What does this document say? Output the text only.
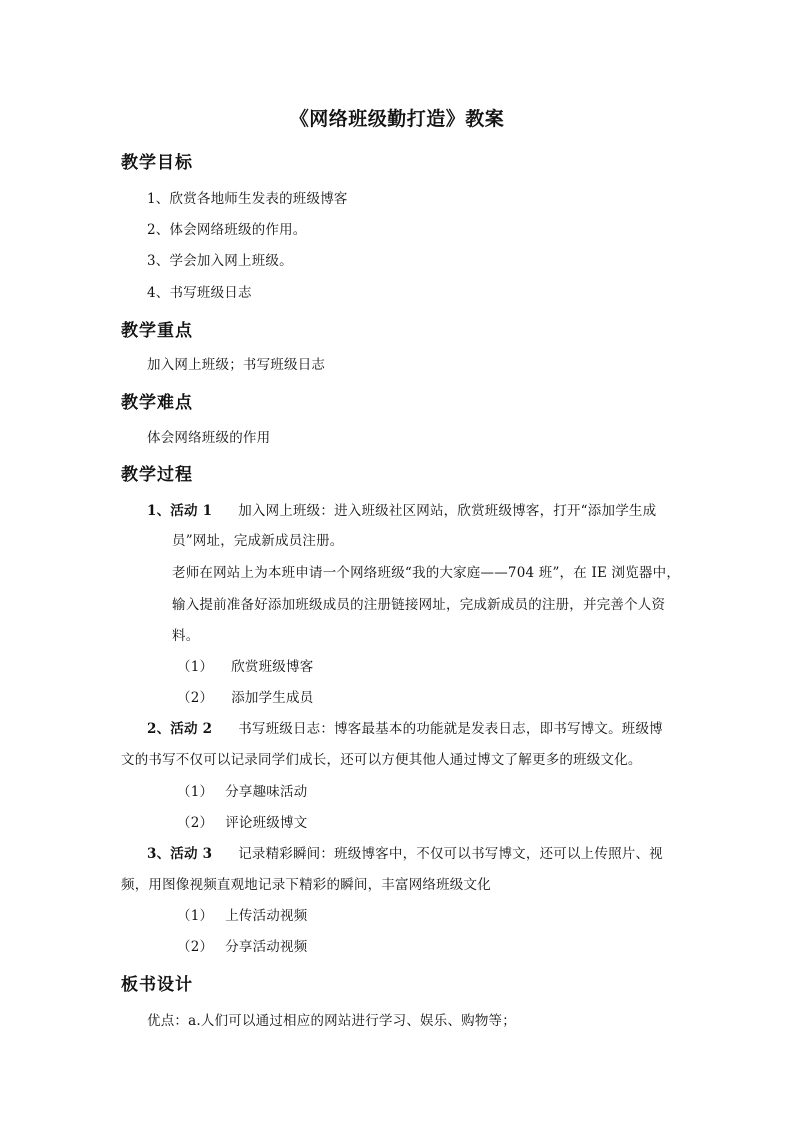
《网络班级勤打造》教案
教学目标
1、欣赏各地师生发表的班级博客
2、体会网络班级的作用。
3、学会加入网上班级。
4、书写班级日志
教学重点
加入网上班级；书写班级日志
教学难点
体会网络班级的作用
教学过程
1、活动 1 加入网上班级：进入班级社区网站，欣赏班级博客，打开“添加学生成
员”网址，完成新成员注册。
老师在网站上为本班申请一个网络班级“我的大家庭——704 班”，在 IE 浏览器中，
输入提前准备好添加班级成员的注册链接网址，完成新成员的注册，并完善个人资
料。
（1） 欣赏班级博客
（2） 添加学生成员
2、活动 2 书写班级日志：博客最基本的功能就是发表日志，即书写博文。班级博
文的书写不仅可以记录同学们成长，还可以方便其他人通过博文了解更多的班级文化。
（1） 分享趣味活动
（2） 评论班级博文
3、活动 3 记录精彩瞬间：班级博客中，不仅可以书写博文，还可以上传照片、视
频，用图像视频直观地记录下精彩的瞬间，丰富网络班级文化
（1） 上传活动视频
（2） 分享活动视频
板书设计
优点：a.人们可以通过相应的网站进行学习、娱乐、购物等；
